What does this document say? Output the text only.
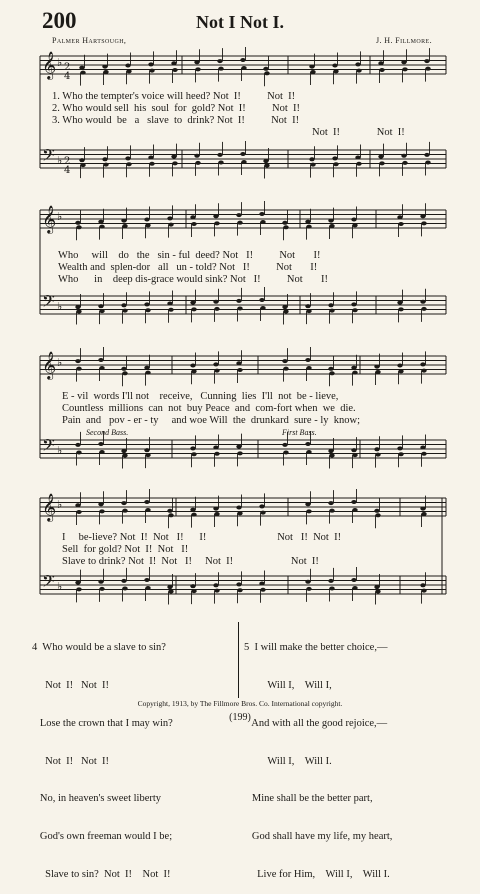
200	Not I Not I.
Palmer Hartsough,	J. H. Fillmore.
𝄞
𝄢
♭
♭
𝄞
𝄢
♭
♭
𝄞
𝄢
♭
♭
𝄞
𝄢
♭
♭
2
4
2
4
1. Who the tempter's voice will heed? Not  I!          Not  I!
2. Who would sell  his  soul  for  gold? Not  I!          Not  I!
3. Who would  be   a   slave  to  drink? Not  I!          Not  I!
Not  I!              Not  I!
Who     will    do   the   sin - ful  deed? Not   I!          Not       I!
Wealth and  splen-dor   all   un - told? Not   I!          Not       I!
Who      in    deep dis-grace would sink? Not   I!          Not       I!
E - vil  words I'll not    receive,   Cunning  lies  I'll  not  be - lieve,
Countless  millions  can  not  buy Peace  and  com-fort when  we  die.
Pain  and   pov - er - ty     and woe Will  the  drunkard  sure - ly  know;
Second Bass.	First Bass.
I     be-lieve? Not  I!  Not   I!      I!                           Not   I!  Not  I!
Sell  for gold? Not  I!  Not   I!
Slave to drink? Not  I!  Not   I!     Not  I!                      Not  I!

4  Who would be a slave to sin?

Not  I!   Not  I!

Lose the crown that I may win?

Not  I!   Not  I!

No, in heaven's sweet liberty

God's own freeman would I be;

Slave to sin?  Not  I!    Not  I!

5  I will make the better choice,—

Will I,    Will I,

And with all the good rejoice,—

Will I,    Will I.

Mine shall be the better part,

God shall have my life, my heart,

Live for Him,    Will I,    Will I.

Copyright, 1913, by The Fillmore Bros. Co. International copyright.
(199)
